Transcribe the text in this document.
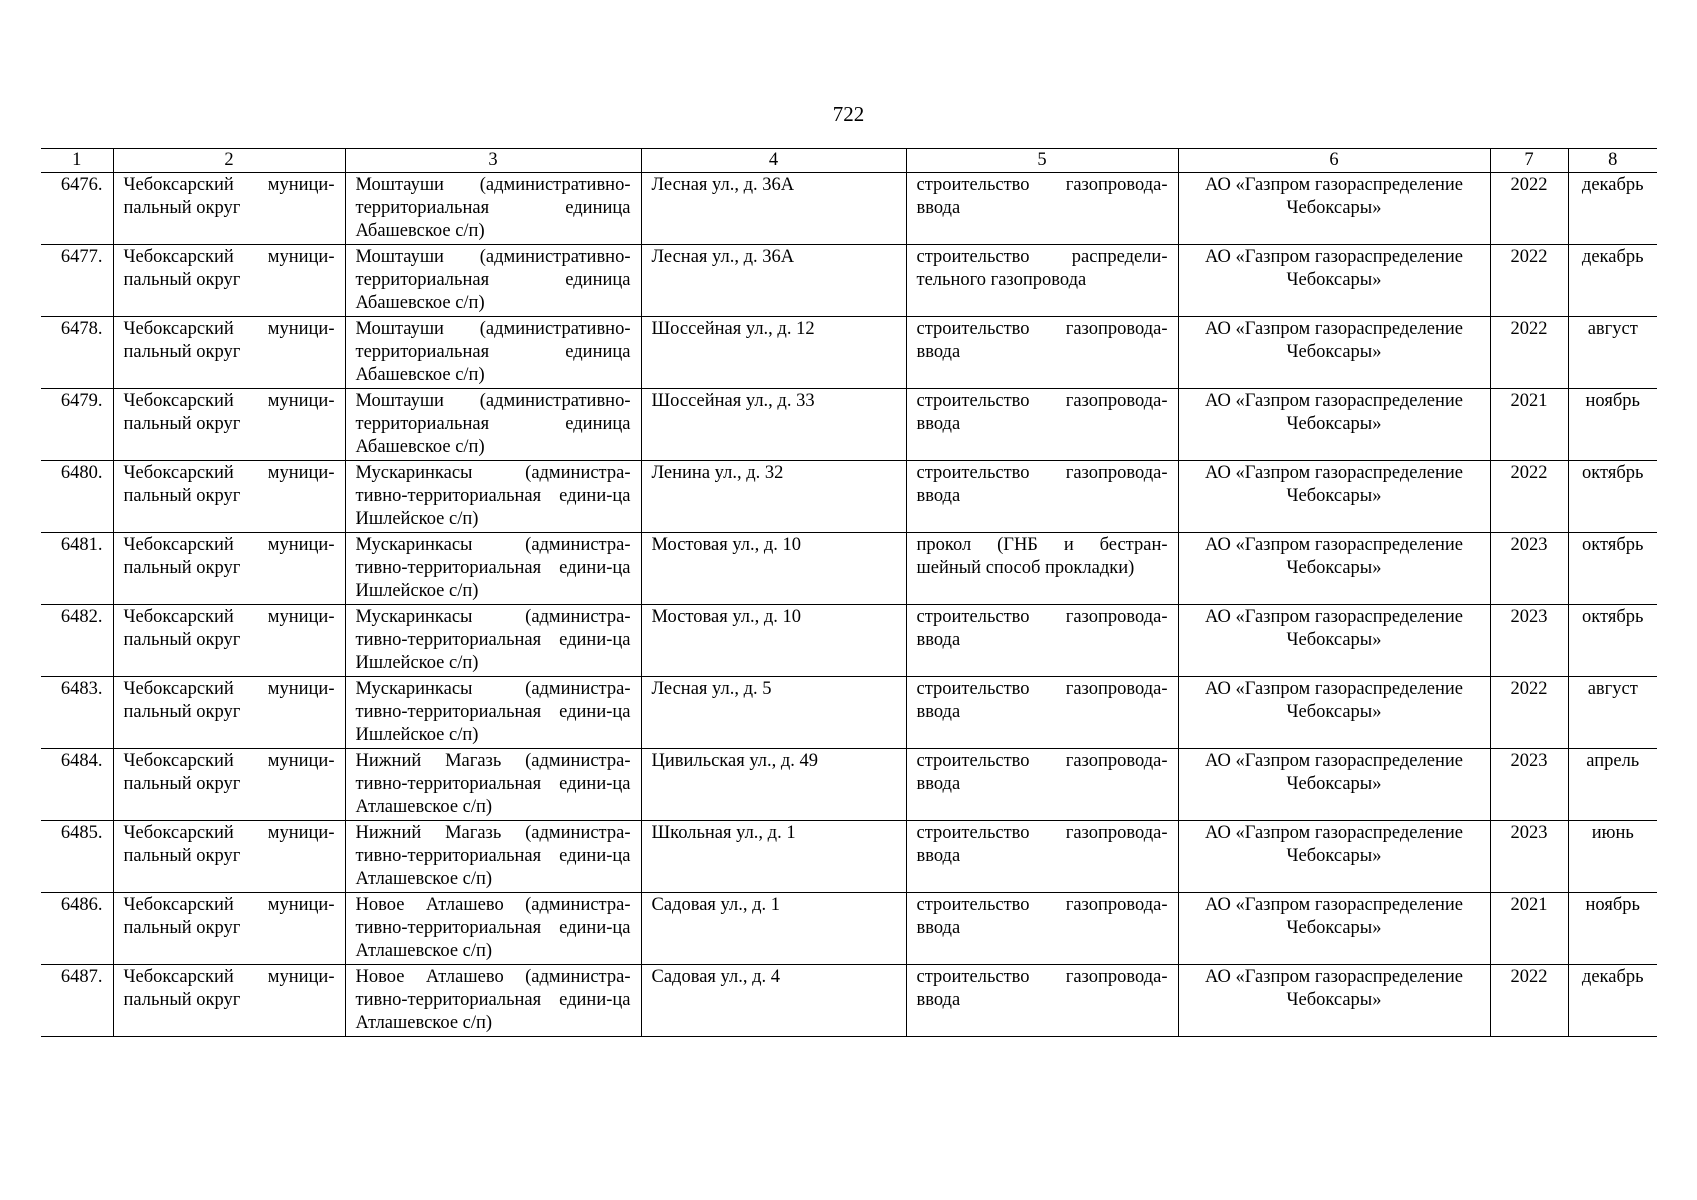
722
1	2	3	4	5	6	7	8
6476.	Чебоксарский муници-пальный округ	Моштауши (административно-территориальная единица Абашевское с/п)	Лесная ул., д. 36А	строительство газопровода-ввода	АО «Газпром газораспределение Чебоксары»	2022	декабрь
6477.	Чебоксарский муници-пальный округ	Моштауши (административно-территориальная единица Абашевское с/п)	Лесная ул., д. 36А	строительство распредели-тельного газопровода	АО «Газпром газораспределение Чебоксары»	2022	декабрь
6478.	Чебоксарский муници-пальный округ	Моштауши (административно-территориальная единица Абашевское с/п)	Шоссейная ул., д. 12	строительство газопровода-ввода	АО «Газпром газораспределение Чебоксары»	2022	август
6479.	Чебоксарский муници-пальный округ	Моштауши (административно-территориальная единица Абашевское с/п)	Шоссейная ул., д. 33	строительство газопровода-ввода	АО «Газпром газораспределение Чебоксары»	2021	ноябрь
6480.	Чебоксарский муници-пальный округ	Мускаринкасы (администра-тивно-территориальная едини-ца Ишлейское с/п)	Ленина ул., д. 32	строительство газопровода-ввода	АО «Газпром газораспределение Чебоксары»	2022	октябрь
6481.	Чебоксарский муници-пальный округ	Мускаринкасы (администра-тивно-территориальная едини-ца Ишлейское с/п)	Мостовая ул., д. 10	прокол (ГНБ и бестран-шейный способ прокладки)	АО «Газпром газораспределение Чебоксары»	2023	октябрь
6482.	Чебоксарский муници-пальный округ	Мускаринкасы (администра-тивно-территориальная едини-ца Ишлейское с/п)	Мостовая ул., д. 10	строительство газопровода-ввода	АО «Газпром газораспределение Чебоксары»	2023	октябрь
6483.	Чебоксарский муници-пальный округ	Мускаринкасы (администра-тивно-территориальная едини-ца Ишлейское с/п)	Лесная ул., д. 5	строительство газопровода-ввода	АО «Газпром газораспределение Чебоксары»	2022	август
6484.	Чебоксарский муници-пальный округ	Нижний Магазь (администра-тивно-территориальная едини-ца Атлашевское с/п)	Цивильская ул., д. 49	строительство газопровода-ввода	АО «Газпром газораспределение Чебоксары»	2023	апрель
6485.	Чебоксарский муници-пальный округ	Нижний Магазь (администра-тивно-территориальная едини-ца Атлашевское с/п)	Школьная ул., д. 1	строительство газопровода-ввода	АО «Газпром газораспределение Чебоксары»	2023	июнь
6486.	Чебоксарский муници-пальный округ	Новое Атлашево (администра-тивно-территориальная едини-ца Атлашевское с/п)	Садовая ул., д. 1	строительство газопровода-ввода	АО «Газпром газораспределение Чебоксары»	2021	ноябрь
6487.	Чебоксарский муници-пальный округ	Новое Атлашево (администра-тивно-территориальная едини-ца Атлашевское с/п)	Садовая ул., д. 4	строительство газопровода-ввода	АО «Газпром газораспределение Чебоксары»	2022	декабрь
